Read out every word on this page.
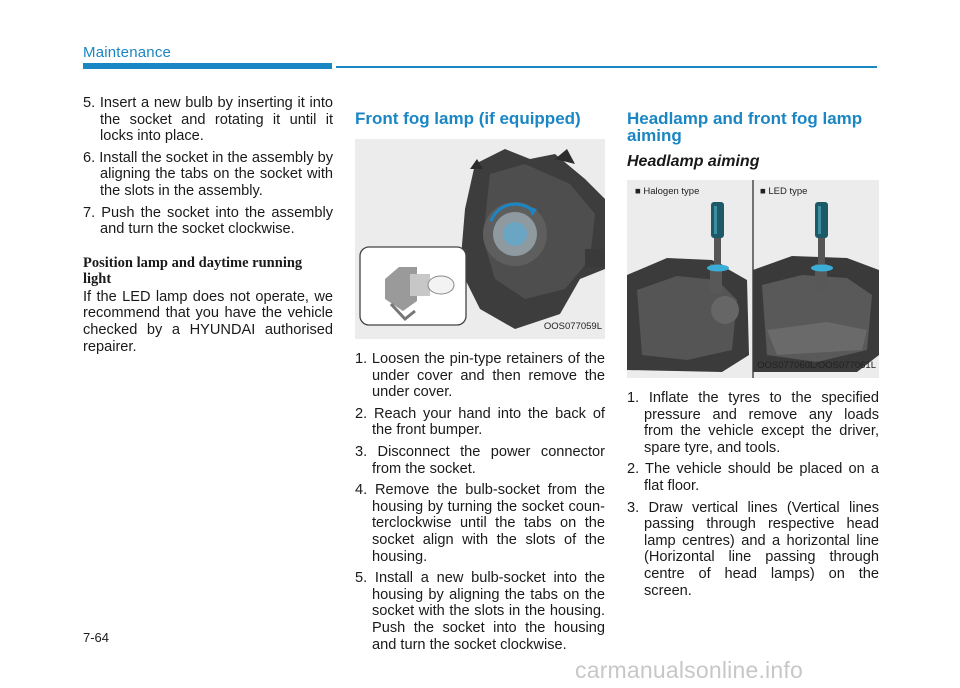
Maintenance

5. Insert a new bulb by inserting it into the socket and rotating it until it locks into place.

6. Install the socket in the assembly by aligning the tabs on the socket with the slots in the assembly.

7. Push the socket into the assembly and turn the socket clockwise.

Position lamp and daytime running light

If the LED lamp does not operate, we recommend that you have the vehicle checked by a HYUNDAI authorised repairer.

Front fog lamp (if equipped)
OOS077059L

1. Loosen the pin-type retainers of the under cover and then remove the under cover.

2. Reach your hand into the back of the front bumper.

3. Disconnect the power connector from the socket.

4. Remove the bulb-socket from the housing by turning the socket coun-terclockwise until the tabs on the socket align with the slots of the housing.

5. Install a new bulb-socket into the housing by aligning the tabs on the socket with the slots in the housing. Push the socket into the housing and turn the socket clockwise.

Headlamp and front fog lamp aiming
Headlamp aiming
■ Halogen type	■ LED type
OOS077060L/OOS077061L

1. Inflate the tyres to the specified pressure and remove any loads from the vehicle except the driver, spare tyre, and tools.

2. The vehicle should be placed on a flat floor.

3. Draw vertical lines (Vertical lines passing through respective head lamp centres) and a horizontal line (Horizontal line passing through centre of head lamps) on the screen.

7-64
carmanualsonline.info
